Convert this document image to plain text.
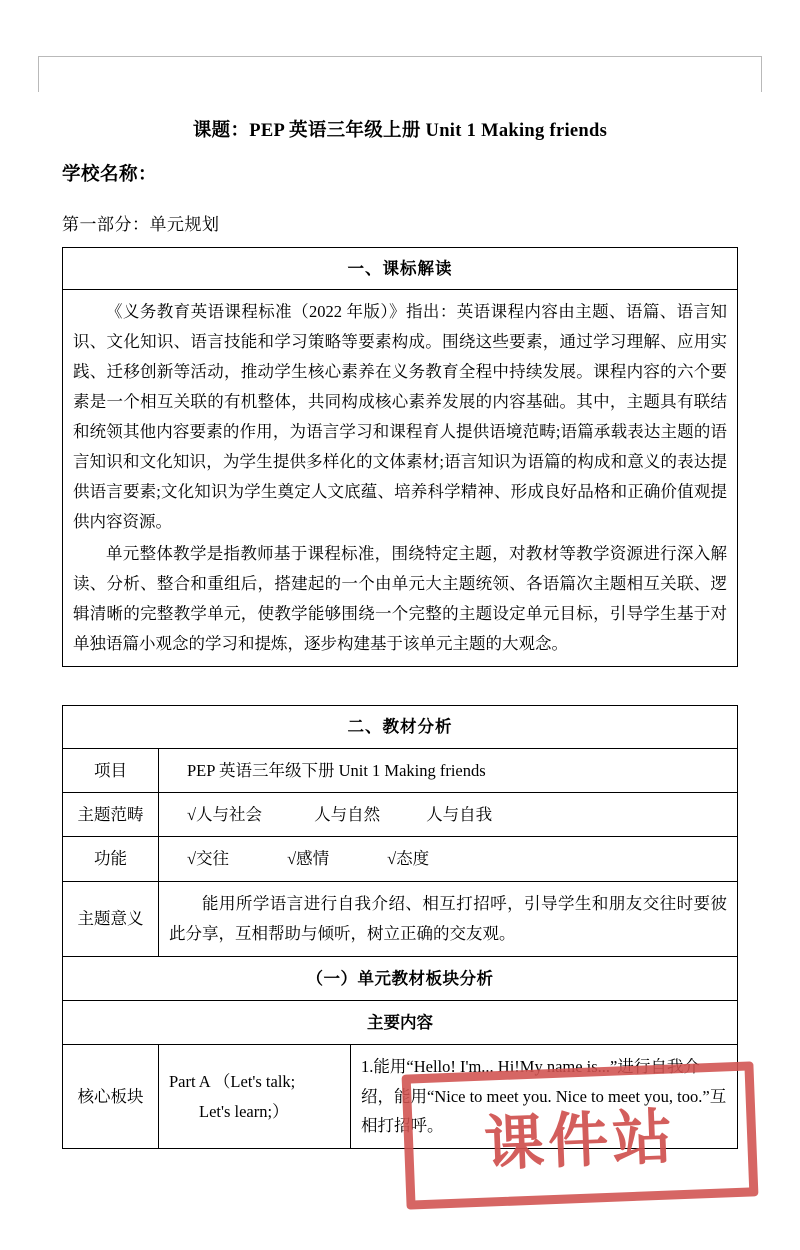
课题：PEP 英语三年级上册 Unit 1 Making friends
学校名称：
第一部分：单元规划
一、课标解读

《义务教育英语课程标准（2022 年版）》指出：英语课程内容由主题、语篇、语言知识、文化知识、语言技能和学习策略等要素构成。围绕这些要素，通过学习理解、应用实践、迁移创新等活动，推动学生核心素养在义务教育全程中持续发展。课程内容的六个要素是一个相互关联的有机整体，共同构成核心素养发展的内容基础。其中，主题具有联结和统领其他内容要素的作用，为语言学习和课程育人提供语境范畴;语篇承载表达主题的语言知识和文化知识，为学生提供多样化的文体素材;语言知识为语篇的构成和意义的表达提供语言要素;文化知识为学生奠定人文底蕴、培养科学精神、形成良好品格和正确价值观提供内容资源。

单元整体教学是指教师基于课程标准，围绕特定主题，对教材等教学资源进行深入解读、分析、整合和重组后，搭建起的一个由单元大主题统领、各语篇次主题相互关联、逻辑清晰的完整教学单元，使教学能够围绕一个完整的主题设定单元目标，引导学生基于对单独语篇小观念的学习和提炼，逐步构建基于该单元主题的大观念。

二、教材分析		
项目	PEP 英语三年级下册 Unit 1 Making friends	
主题范畴	√人与社会 人与自然 人与自我	
功能	√交往 √感情 √态度	
主题意义	能用所学语言进行自我介绍、相互打招呼，引导学生和朋友交往时要彼此分享，互相帮助与倾听，树立正确的交友观。	

（一）单元教材板块分析		
主要内容		
核心板块	Part A （Let's talk;
Let's learn;）	1.能用“Hello! I'm... Hi!My name is...”进行自我介绍，能用“Nice to meet you. Nice to meet you, too.”互相打招呼。 课件站
